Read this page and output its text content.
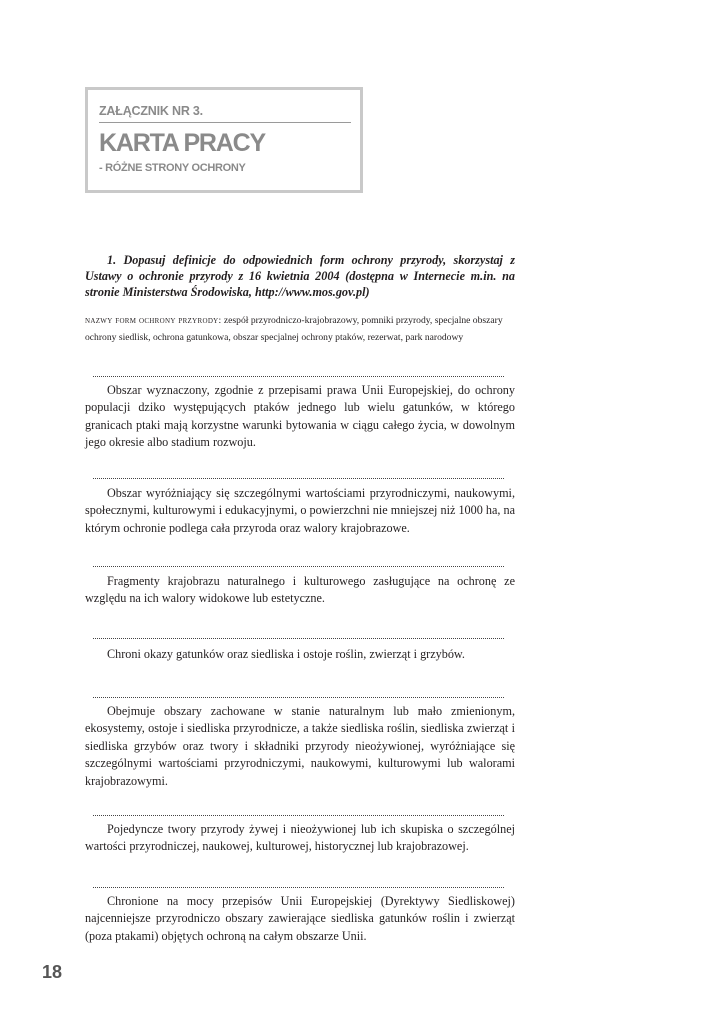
ZAŁĄCZNIK NR 3.
KARTA PRACY
- RÓŻNE STRONY OCHRONY

1. Dopasuj definicje do odpowiednich form ochrony przyrody, skorzystaj z Ustawy o ochronie przyrody z 16 kwietnia 2004 (dostępna w Internecie m.in. na stronie Ministerstwa Środowiska, http://www.mos.gov.pl)

nazwy form ochrony przyrody: zespół przyrodniczo-krajobrazowy, pomniki przyrody, specjalne obszary ochrony siedlisk, ochrona gatunkowa, obszar specjalnej ochrony ptaków, rezerwat, park narodowy

Obszar wyznaczony, zgodnie z przepisami prawa Unii Europejskiej, do ochrony populacji dziko występujących ptaków jednego lub wielu gatunków, w którego granicach ptaki mają korzystne warunki bytowania w ciągu całego życia, w dowolnym jego okresie albo stadium rozwoju.

Obszar wyróżniający się szczególnymi wartościami przyrodniczymi, naukowymi, społecznymi, kulturowymi i edukacyjnymi, o powierzchni nie mniejszej niż 1000 ha, na którym ochronie podlega cała przyroda oraz walory krajobrazowe.

Fragmenty krajobrazu naturalnego i kulturowego zasługujące na ochronę ze względu na ich walory widokowe lub estetyczne.

Chroni okazy gatunków oraz siedliska i ostoje roślin, zwierząt i grzybów.

Obejmuje obszary zachowane w stanie naturalnym lub mało zmienionym, ekosystemy, ostoje i siedliska przyrodnicze, a także siedliska roślin, siedliska zwierząt i siedliska grzybów oraz twory i składniki przyrody nieożywionej, wyróżniające się szczególnymi wartościami przyrodniczymi, naukowymi, kulturowymi lub walorami krajobrazowymi.

Pojedyncze twory przyrody żywej i nieożywionej lub ich skupiska o szczególnej wartości przyrodniczej, naukowej, kulturowej, historycznej lub krajobrazowej.

Chronione na mocy przepisów Unii Europejskiej (Dyrektywy Siedliskowej) najcenniejsze przyrodniczo obszary zawierające siedliska gatunków roślin i zwierząt (poza ptakami) objętych ochroną na całym obszarze Unii.

18
